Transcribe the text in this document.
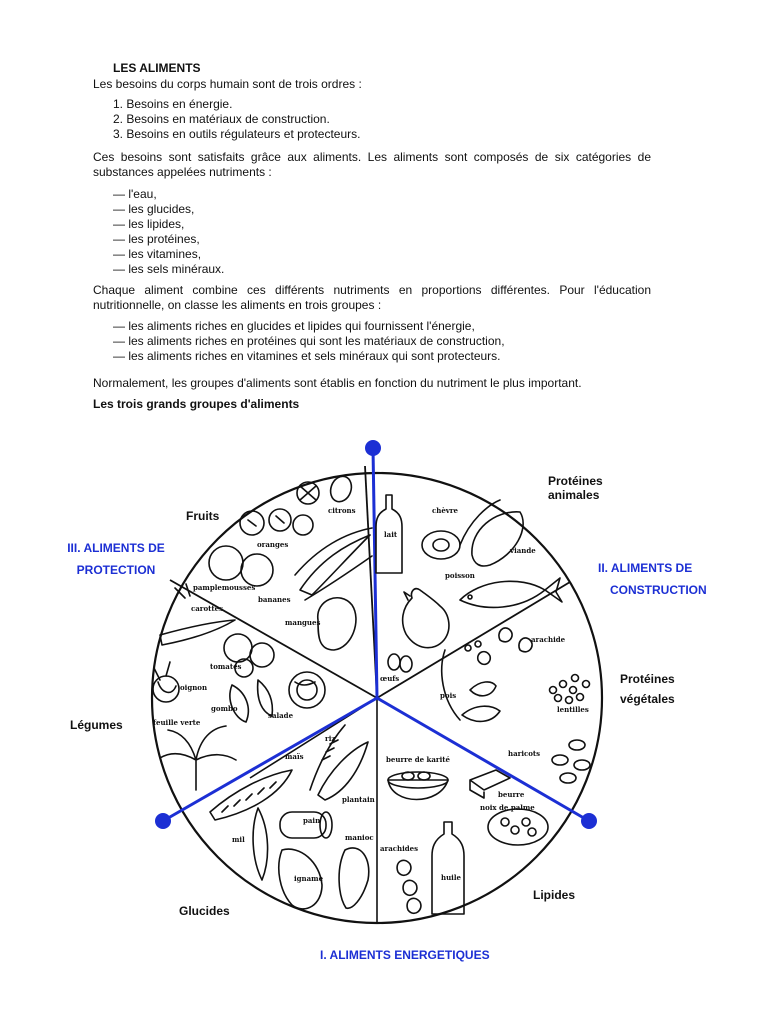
LES ALIMENTS
Les besoins du corps humain sont de trois ordres :
1. Besoins en énergie.
2. Besoins en matériaux de construction.
3. Besoins en outils régulateurs et protecteurs.
Ces besoins sont satisfaits grâce aux aliments. Les aliments sont composés de six catégories de substances appelées nutriments :
— l'eau,
— les glucides,
— les lipides,
— les protéines,
— les vitamines,
— les sels minéraux.
Chaque aliment combine ces différents nutriments en proportions différentes. Pour l'éducation nutritionnelle, on classe les aliments en trois groupes :
— les aliments riches en glucides et lipides qui fournissent l'énergie,
— les aliments riches en protéines qui sont les matériaux de construction,
— les aliments riches en vitamines et sels minéraux qui sont protecteurs.
Normalement, les groupes d'aliments sont établis en fonction du nutriment le plus important.
Les trois grands groupes d'aliments
citrons
oranges
pamplemousses
bananes
mangues
carottes
tomates
oignon
gombo
salade
feuille verte
lait
chèvre
viande
poisson
œufs
arachide
pois
lentilles
haricots
maïs
riz
plantain
mil
pain
manioc
igname
beurre de karité
beurre
noix de palme
arachides
huile
III. ALIMENTS DE
PROTECTION	II. ALIMENTS DE
CONSTRUCTION
I. ALIMENTS ENERGETIQUES
Fruits
Légumes
Glucides
Lipides
Protéines
animales
Protéines
végétales
